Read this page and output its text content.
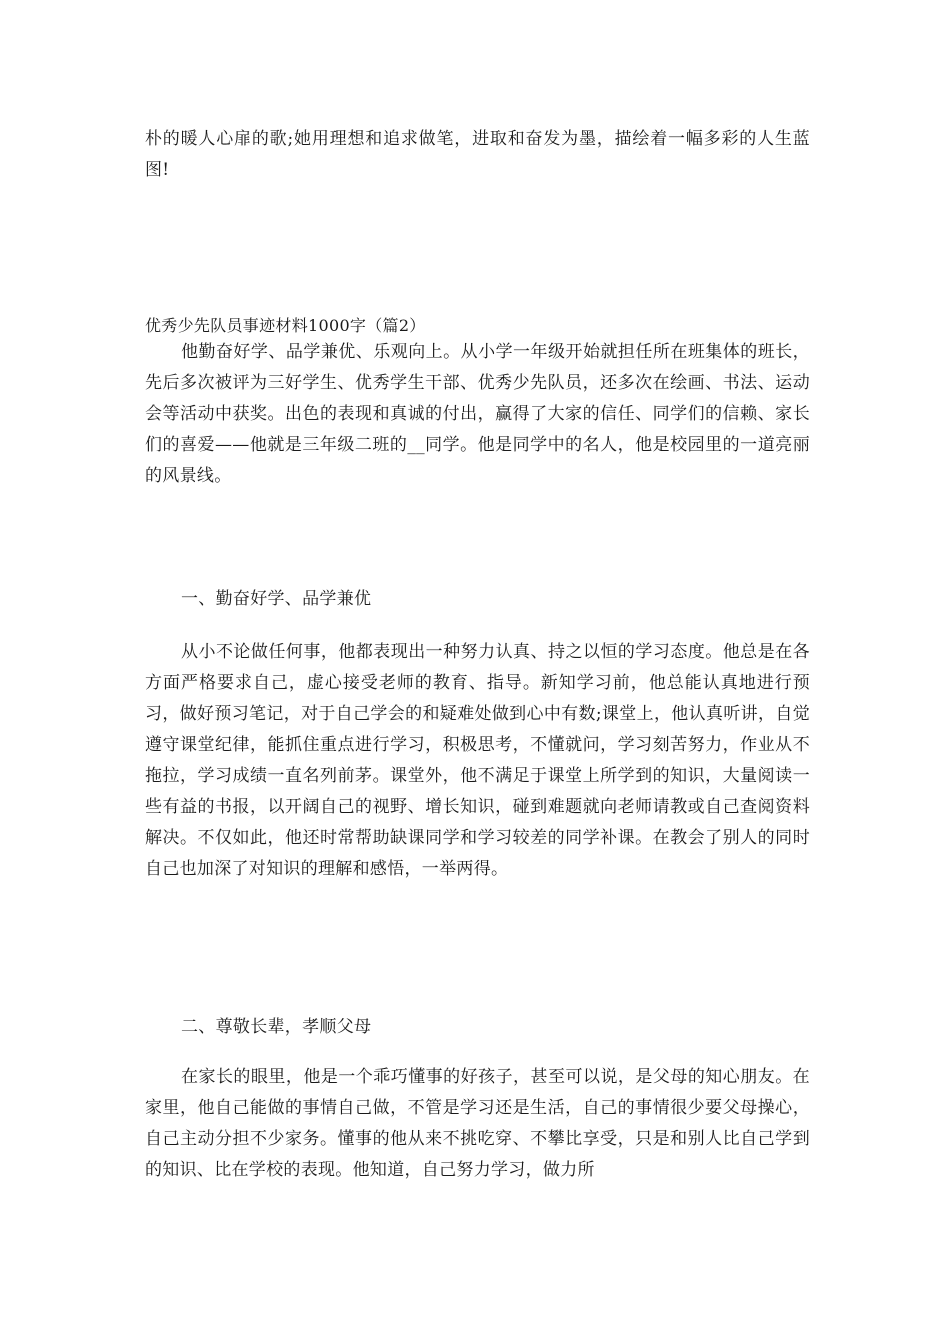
朴的暖人心扉的歌;她用理想和追求做笔，进取和奋发为墨，描绘着一幅多彩的人生蓝图!

优秀少先队员事迹材料1000字（篇2）

他勤奋好学、品学兼优、乐观向上。从小学一年级开始就担任所在班集体的班长，先后多次被评为三好学生、优秀学生干部、优秀少先队员，还多次在绘画、书法、运动会等活动中获奖。出色的表现和真诚的付出，赢得了大家的信任、同学们的信赖、家长们的喜爱——他就是三年级二班的__同学。他是同学中的名人，他是校园里的一道亮丽的风景线。

一、勤奋好学、品学兼优

从小不论做任何事，他都表现出一种努力认真、持之以恒的学习态度。他总是在各方面严格要求自己，虚心接受老师的教育、指导。新知学习前，他总能认真地进行预习，做好预习笔记，对于自己学会的和疑难处做到心中有数;课堂上，他认真听讲，自觉遵守课堂纪律，能抓住重点进行学习，积极思考，不懂就问，学习刻苦努力，作业从不拖拉，学习成绩一直名列前茅。课堂外，他不满足于课堂上所学到的知识，大量阅读一些有益的书报，以开阔自己的视野、增长知识，碰到难题就向老师请教或自己查阅资料解决。不仅如此，他还时常帮助缺课同学和学习较差的同学补课。在教会了别人的同时自己也加深了对知识的理解和感悟，一举两得。

二、尊敬长辈，孝顺父母

在家长的眼里，他是一个乖巧懂事的好孩子，甚至可以说，是父母的知心朋友。在家里，他自己能做的事情自己做，不管是学习还是生活，自己的事情很少要父母操心，自己主动分担不少家务。懂事的他从来不挑吃穿、不攀比享受，只是和别人比自己学到的知识、比在学校的表现。他知道，自己努力学习，做力所
